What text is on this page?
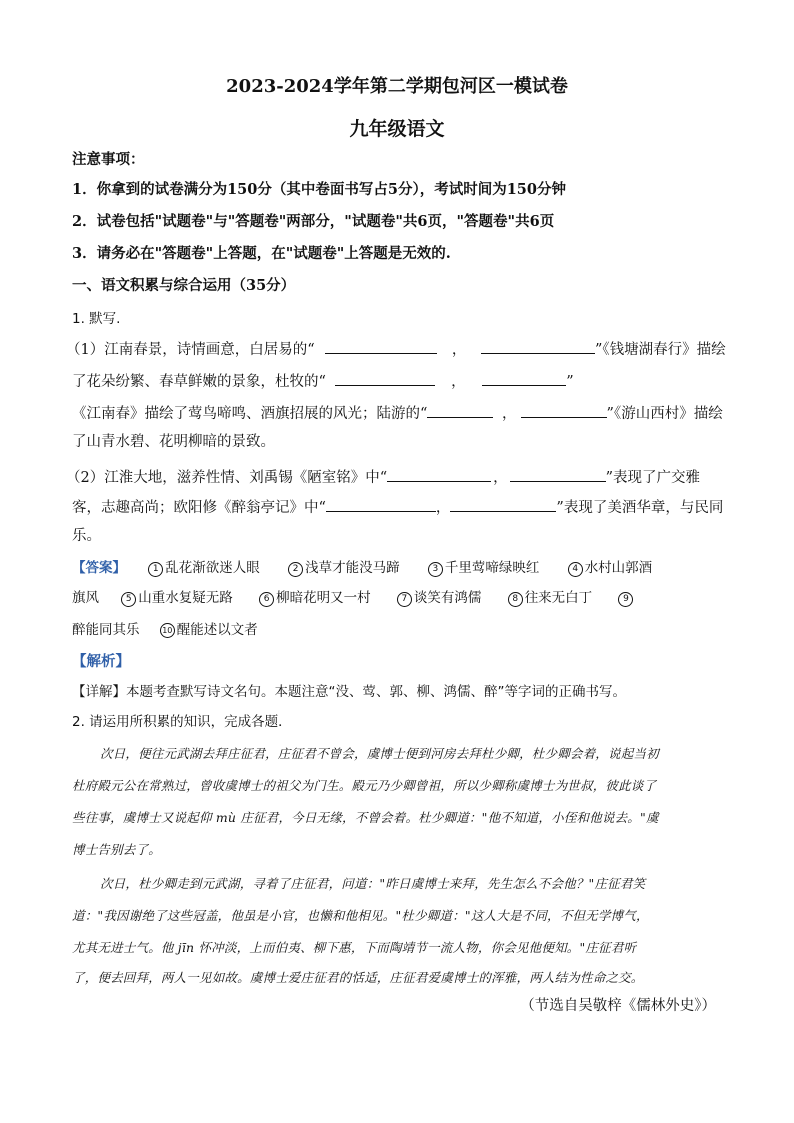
2023-2024学年第二学期包河区一模试卷
九年级语文
注意事项：
1．你拿到的试卷满分为150分（其中卷面书写占5分），考试时间为150分钟
2．试卷包括"试题卷"与"答题卷"两部分，"试题卷"共6页，"答题卷"共6页
3．请务必在"答题卷"上答题，在"试题卷"上答题是无效的.
一、语文积累与综合运用（35分）
1. 默写.
（1）江南春景，诗情画意，白居易的“	，	”《钱塘湖春行》描绘
了花朵纷繁、春草鲜嫩的景象，杜牧的“	，	”
《江南春》描绘了莺鸟啼鸣、酒旗招展的风光；陆游的“	，	”《游山西村》描绘
了山青水碧、花明柳暗的景致。
（2）江淮大地，滋养性情、刘禹锡《陋室铭》中“	，	”表现了广交雅
客，志趣高尚；欧阳修《醉翁亭记》中“	，	”表现了美酒华章，与民同
乐。
【答案】	1 乱花渐欲迷人眼	2 浅草才能没马蹄	3 千里莺啼绿映红	4 水村山郭酒
旗风	5 山重水复疑无路	6 柳暗花明又一村	7 谈笑有鸿儒	8 往来无白丁	9
醉能同其乐	10 醒能述以文者
【解析】
【详解】本题考查默写诗文名句。本题注意“没、莺、郭、柳、鸿儒、醉”等字词的正确书写。
2. 请运用所积累的知识，完成各题．
次日，便往元武湖去拜庄征君，庄征君不曾会，虞博士便到河房去拜杜少卿，杜少卿会着，说起当初
杜府殿元公在常熟过，曾收虞博士的祖父为门生。殿元乃少卿曾祖，所以少卿称虞博士为世叔，彼此谈了
些往事，虞博士又说起仰 mù 庄征君，今日无缘，不曾会着。杜少卿道："他不知道，小侄和他说去。"虞
博士告别去了。
次日，杜少卿走到元武湖，寻着了庄征君，问道："昨日虞博士来拜，先生怎么不会他？"庄征君笑
道："我因谢绝了这些冠盖，他虽是小官，也懒和他相见。"杜少卿道："这人大是不同，不但无学博气，
尤其无进士气。他 jīn 怀冲淡，上而伯夷、柳下惠，下而陶靖节一流人物，你会见他便知。"庄征君听
了，便去回拜，两人一见如故。虞博士爱庄征君的恬适，庄征君爱虞博士的浑雅，两人结为性命之交。
（节选自吴敬梓《儒林外史》）
